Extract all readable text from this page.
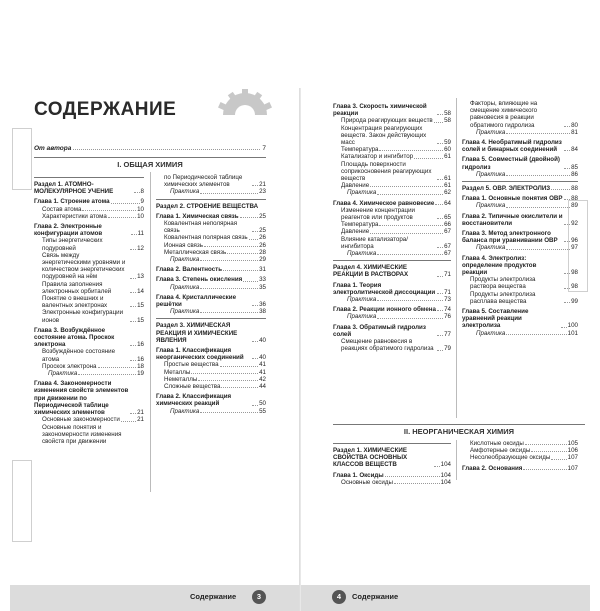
СОДЕРЖАНИЕ
От автора	7
I. ОБЩАЯ ХИМИЯ
II. НЕОРГАНИЧЕСКАЯ ХИМИЯ
Раздел 1. АТОМНО-МОЛЕКУЛЯРНОЕ УЧЕНИЕ	8
Глава 1. Строение атома	9
Состав атома	10
Характеристики атома	10
Глава 2. Электронные конфигурации атомов	11
Типы энергетических подуровней	12
Связь между энергетическими уровнями и количеством энергетических подуровней на нём	13
Правила заполнения электронных орбиталей	14
Понятие о внешних и валентных электронах	15
Электронные конфигурации ионов	15
Глава 3. Возбуждённое состояние атома. Проскок электрона	16
Возбуждённое состояние атома	16
Проскок электрона	18
Практика	19
Глава 4. Закономерности изменения свойств элементов при движении по Периодической таблице химических элементов	21
Основные закономерности	21
Основные понятия и закономерности изменения свойств при движении
по Периодической таблице химических элементов	21
Практика	23
Раздел 2. СТРОЕНИЕ ВЕЩЕСТВА
Глава 1. Химическая связь	25
Ковалентная неполярная связь	25
Ковалентная полярная связь 26
Ионная связь	26
Металлическая связь	28
Практика	29
Глава 2. Валентность	31
Глава 3. Степень окисления	33
Практика	35
Глава 4. Кристаллические решётки	36
Практика	38
Раздел 3. ХИМИЧЕСКАЯ РЕАКЦИЯ И ХИМИЧЕСКИЕ ЯВЛЕНИЯ	40
Глава 1. Классификация неорганических соединений	40
Простые вещества	41
Металлы	41
Неметаллы	42
Сложные вещества	44
Глава 2. Классификация химических реакций	50
Практика	55
Глава 3. Скорость химической реакции	58
Природа реагирующих веществ 58
Концентрация реагирующих веществ. Закон действующих масс	59
Температура	60
Катализатор и ингибитор	61
Площадь поверхности соприкосновения реагирующих веществ	61
Давление	61
Практика	62
Глава 4. Химическое равновесие 64
Изменение концентрации реагентов или продуктов	65
Температура	66
Давление	67
Влияние катализатора/ингибитора	67
Практика	67
Раздел 4. ХИМИЧЕСКИЕ РЕАКЦИИ В РАСТВОРАХ	71
Глава 1. Теория электролитической диссоциации 71
Практика	73
Глава 2. Реакции ионного обмена 74
Практика	76
Глава 3. Обратимый гидролиз солей	77
Смещение равновесия в реакциях обратимого гидролиза	79
Факторы, влияющие на смещение химического равновесия в реакции обратимого гидролиза	80
Практика	81
Глава 4. Необратимый гидролиз солей и бинарных соединений	84
Глава 5. Совместный (двойной) гидролиз	85
Практика	86
Раздел 5. ОВР. ЭЛЕКТРОЛИЗ	88
Глава 1. Основные понятия ОВР 88
Практика	89
Глава 2. Типичные окислители и восстановители	92
Глава 3. Метод электронного баланса при уравнивании ОВР	96
Практика	97
Глава 4. Электролиз: определение продуктов реакции	98
Продукты электролиза раствора вещества	98
Продукты электролиза расплава вещества	99
Глава 5. Составление уравнений реакции электролиза	100
Практика	101
Раздел 1. ХИМИЧЕСКИЕ СВОЙСТВА ОСНОВНЫХ КЛАССОВ ВЕЩЕСТВ	104
Глава 1. Оксиды	104
Основные оксиды	104
Кислотные оксиды	105
Амфотерные оксиды	106
Несолеобразующие оксиды	107
Глава 2. Основания	107
Содержание	3	4	Содержание
